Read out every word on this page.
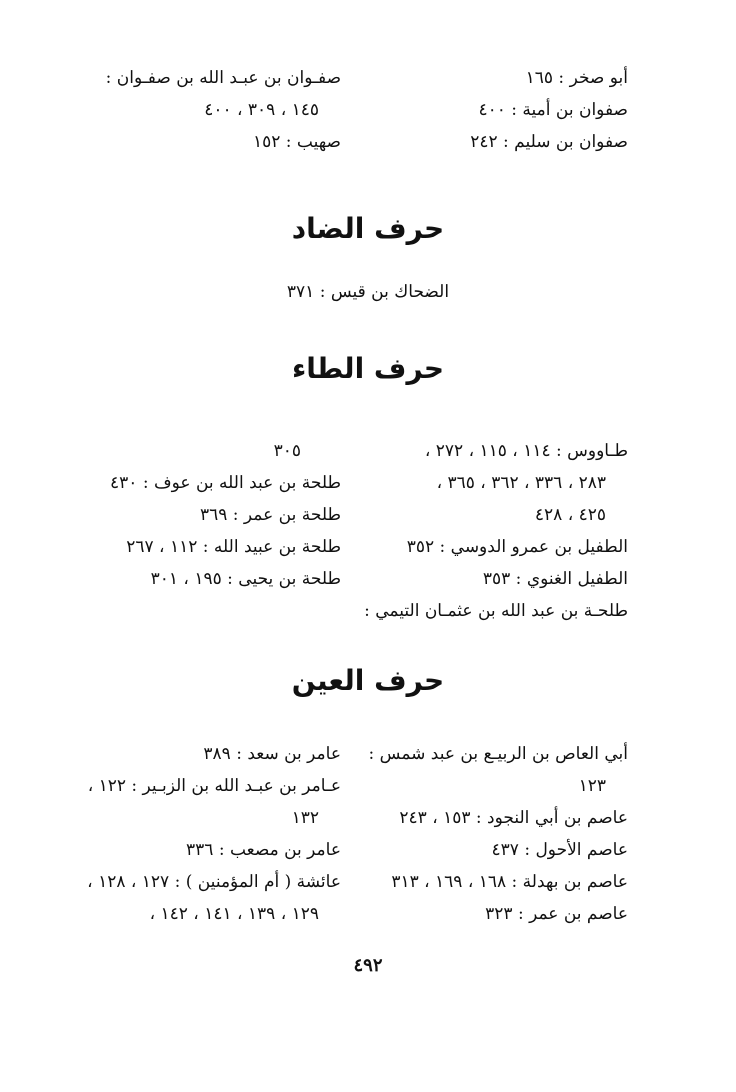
أبو صخر : ١٦٥
صفوان بن أمية : ٤٠٠
صفوان بن سليم : ٢٤٢
صفـوان بن عبـد الله بن صفـوان :
١٤٥ ، ٣٠٩ ، ٤٠٠
صهيب : ١٥٢
حرف الضاد
الضحاك بن قيس : ٣٧١
حرف الطاء
طـاووس : ١١٤ ، ١١٥ ، ٢٧٢ ،
٢٨٣ ، ٣٣٦ ، ٣٦٢ ، ٣٦٥ ،
٤٢٥ ، ٤٢٨
الطفيل بن عمرو الدوسي : ٣٥٢
الطفيل الغنوي : ٣٥٣
طلحـة بن عبد الله بن عثمـان التيمي :
٣٠٥
طلحة بن عبد الله بن عوف : ٤٣٠
طلحة بن عمر : ٣٦٩
طلحة بن عبيد الله : ١١٢ ، ٢٦٧
طلحة بن يحيى : ١٩٥ ، ٣٠١
حرف العين
أبي العاص بن الربيـع بن عبد شمس :
١٢٣
عاصم بن أبي النجود : ١٥٣ ، ٢٤٣
عاصم الأحول : ٤٣٧
عاصم بن بهدلة : ١٦٨ ، ١٦٩ ، ٣١٣
عاصم بن عمر : ٣٢٣
عامر بن سعد : ٣٨٩
عـامر بن عبـد الله بن الزبـير : ١٢٢ ،
١٣٢
عامر بن مصعب : ٣٣٦
عائشة ( أم المؤمنين ) : ١٢٧ ، ١٢٨ ،
١٢٩ ، ١٣٩ ، ١٤١ ، ١٤٢ ،
٤٩٢
